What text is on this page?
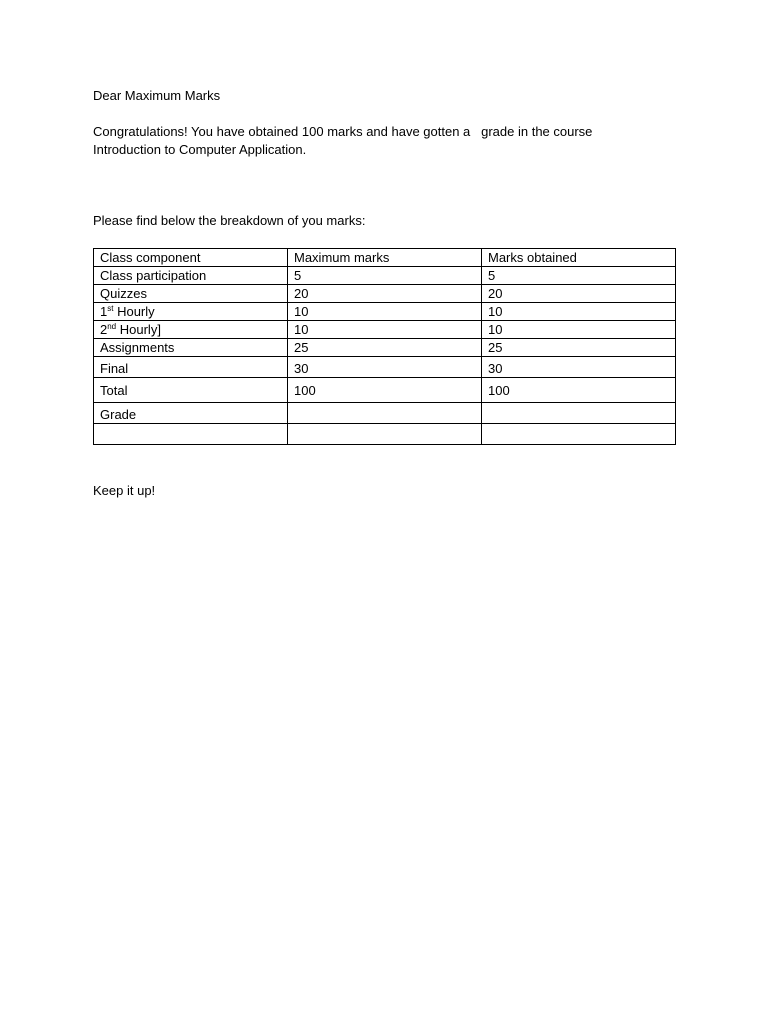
Dear Maximum Marks
Congratulations! You have obtained 100 marks and have gotten a   grade in the course
Introduction to Computer Application.
Please find below the breakdown of you marks:
Class component	Maximum marks	Marks obtained
Class participation	5	5
Quizzes	20	20
1st Hourly	10	10
2nd Hourly]	10	10
Assignments	25	25
Final	30	30
Total	100	100
Grade		

Keep it up!
